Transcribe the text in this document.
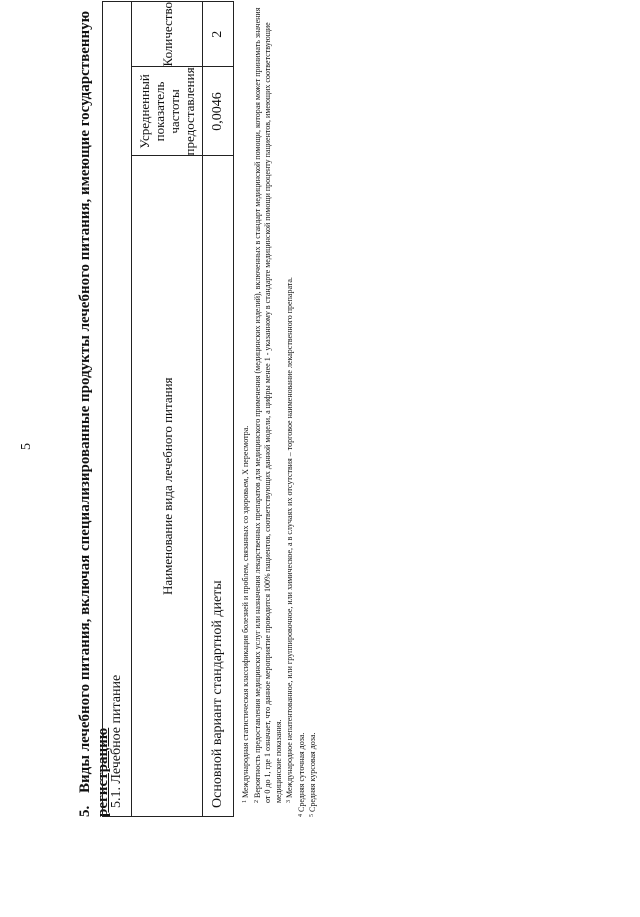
5
5.Виды лечебного питания, включая специализированные продукты лечебного питания, имеющие государственную регистрацию
5.1. Лечебное питание		
Наименование вида лечебного питания	Усредненный показатель частоты предоставления	Количество
Основной вариант стандартной диеты	0,0046	2

$^1$Международная статистическая классификация болезней и проблем, связанных со здоровьем, X пересмотра.

$^2$Вероятность предоставления медицинских услуг или назначения лекарственных препаратов для медицинского применения (медицинских изделий), включенных в стандарт медицинской помощи, которая может принимать значения от 0 до 1, где 1 означает, что данное мероприятие проводится 100% пациентов, соответствующих данной модели, а цифры менее 1 - указанному в стандарте медицинской помощи проценту пациентов, имеющих соответствующие медицинские показания. $^3$Международное непатентованное, или группировочное, или химическое, а в случаях их отсутствия – торговое наименование лекарственного препарата.

$^4$Средняя суточная доза.

$^5$Средняя курсовая доза.
